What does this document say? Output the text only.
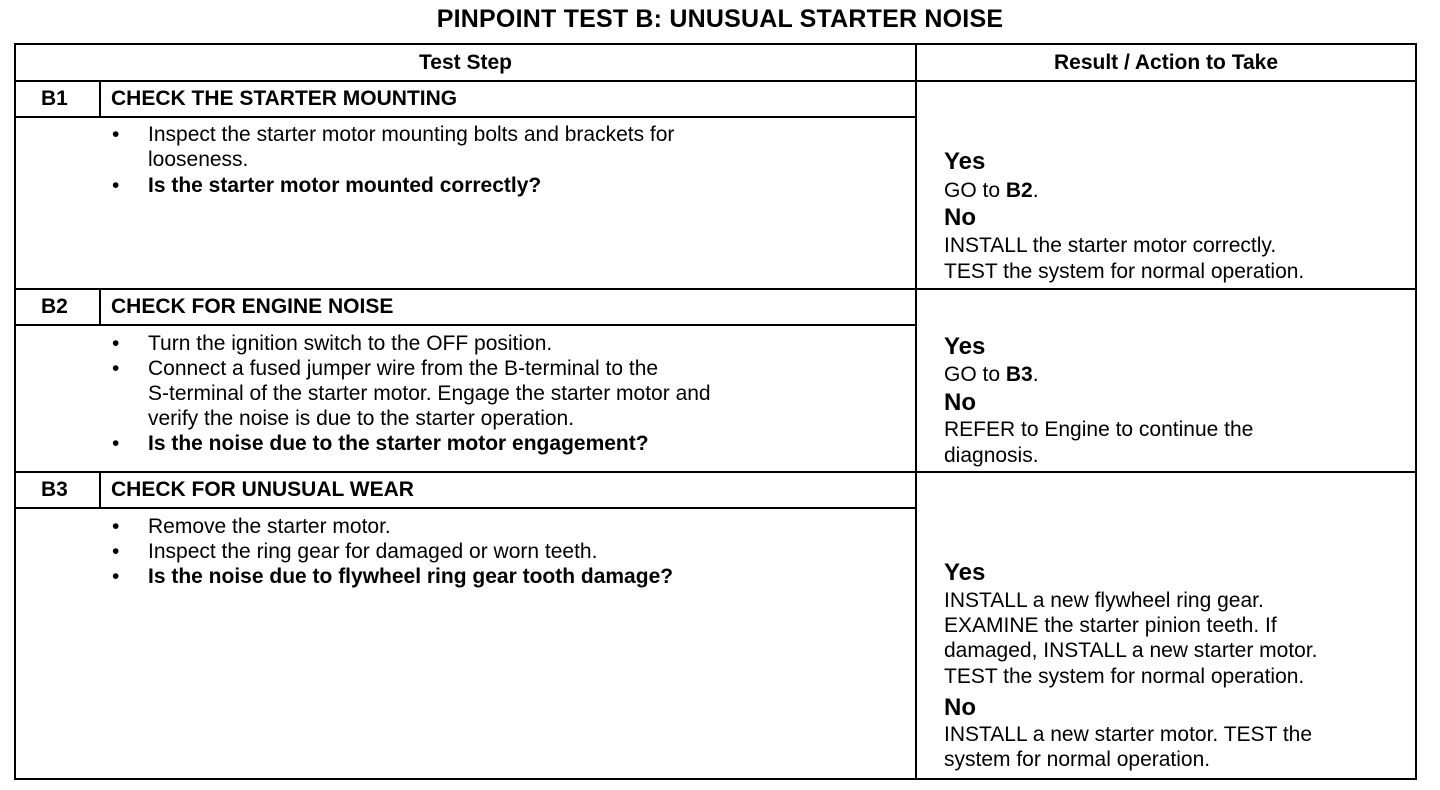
PINPOINT TEST B: UNUSUAL STARTER NOISE
Test Step	Result / Action to Take
B1 CHECK THE STARTER MOUNTING
• Inspect the starter motor mounting bolts and brackets for
looseness.
• Is the starter motor mounted correctly?
Yes
GO to B2.
No
INSTALL the starter motor correctly.
TEST the system for normal operation.
B2 CHECK FOR ENGINE NOISE
• Turn the ignition switch to the OFF position.
• Connect a fused jumper wire from the B-terminal to the
S-terminal of the starter motor. Engage the starter motor and
verify the noise is due to the starter operation.
• Is the noise due to the starter motor engagement?
Yes
GO to B3.
No
REFER to Engine to continue the
diagnosis.
B3 CHECK FOR UNUSUAL WEAR
• Remove the starter motor.
• Inspect the ring gear for damaged or worn teeth.
• Is the noise due to flywheel ring gear tooth damage?	Yes
INSTALL a new flywheel ring gear.
EXAMINE the starter pinion teeth. If
damaged, INSTALL a new starter motor.
TEST the system for normal operation.
No
INSTALL a new starter motor. TEST the
system for normal operation.
